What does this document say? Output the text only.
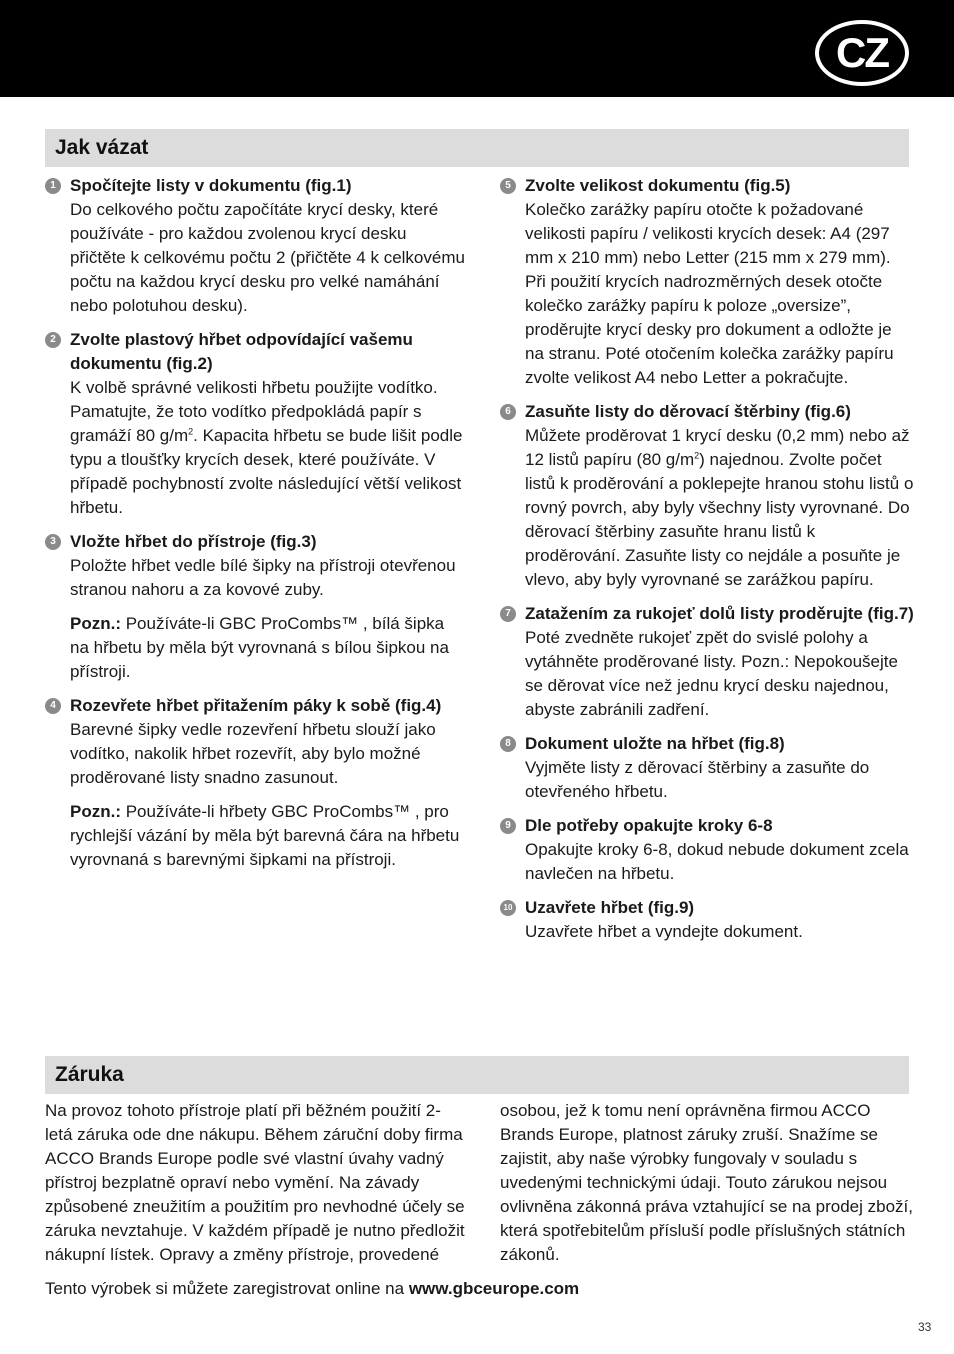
CZ
Jak vázat
1 Spočítejte listy v dokumentu (fig.1)
Do celkového počtu započítáte krycí desky, které používáte - pro každou zvolenou krycí desku přičtěte k celkovému počtu 2 (přičtěte 4 k celkovému počtu na každou krycí desku pro velké namáhání nebo polotuhou desku).
2 Zvolte plastový hřbet odpovídající vašemu dokumentu (fig.2)
K volbě správné velikosti hřbetu použijte vodítko. Pamatujte, že toto vodítko předpokládá papír s gramáží 80 $g/m^2$. Kapacita hřbetu se bude lišit podle typu a tloušťky krycích desek, které používáte. V případě pochybností zvolte následující větší velikost hřbetu.
3 Vložte hřbet do přístroje (fig.3)
Položte hřbet vedle bílé šipky na přístroji otevřenou stranou nahoru a za kovové zuby.
Pozn.: Používáte-li GBC ProCombs™ , bílá šipka na hřbetu by měla být vyrovnaná s bílou šipkou na přístroji.
4 Rozevřete hřbet přitažením páky k sobě (fig.4)
Barevné šipky vedle rozevření hřbetu slouží jako vodítko, nakolik hřbet rozevřít, aby bylo možné proděrované listy snadno zasunout.
Pozn.: Používáte-li hřbety GBC ProCombs™ , pro rychlejší vázání by měla být barevná čára na hřbetu vyrovnaná s barevnými šipkami na přístroji.
5 Zvolte velikost dokumentu (fig.5)
Kolečko zarážky papíru otočte k požadované velikosti papíru / velikosti krycích desek: A4 (297 mm x 210 mm) nebo Letter (215 mm x 279 mm). Při použití krycích nadrozměrných desek otočte kolečko zarážky papíru k poloze „oversize”, proděrujte krycí desky pro dokument a odložte je na stranu. Poté otočením kolečka zarážky papíru zvolte velikost A4 nebo Letter a pokračujte.
6 Zasuňte listy do děrovací štěrbiny (fig.6)
Můžete proděrovat 1 krycí desku (0,2 mm) nebo až 12 listů papíru (80 $g/m^2$) najednou. Zvolte počet listů k proděrování a poklepejte hranou stohu listů o rovný povrch, aby byly všechny listy vyrovnané. Do děrovací štěrbiny zasuňte hranu listů k proděrování. Zasuňte listy co nejdále a posuňte je vlevo, aby byly vyrovnané se zarážkou papíru.
7 Zatažením za rukojeť dolů listy proděrujte (fig.7)
Poté zvedněte rukojeť zpět do svislé polohy a vytáhněte proděrované listy. Pozn.: Nepokoušejte se děrovat více než jednu krycí desku najednou, abyste zabránili zadření.
8 Dokument uložte na hřbet (fig.8)
Vyjměte listy z děrovací štěrbiny a zasuňte do otevřeného hřbetu.
9 Dle potřeby opakujte kroky 6-8
Opakujte kroky 6-8, dokud nebude dokument zcela navlečen na hřbetu.
10 Uzavřete hřbet (fig.9)
Uzavřete hřbet a vyndejte dokument.
Záruka
Na provoz tohoto přístroje platí při běžném použití 2-letá záruka ode dne nákupu. Během záruční doby firma ACCO Brands Europe podle své vlastní úvahy vadný přístroj bezplatně opraví nebo vymění. Na závady způsobené zneužitím a použitím pro nevhodné účely se záruka nevztahuje. V každém případě je nutno předložit nákupní lístek. Opravy a změny přístroje, provedené
osobou, jež k tomu není oprávněna firmou ACCO Brands Europe, platnost záruky zruší. Snažíme se zajistit, aby naše výrobky fungovaly v souladu s uvedenými technickými údaji. Touto zárukou nejsou ovlivněna zákonná práva vztahující se na prodej zboží, která spotřebitelům přísluší podle příslušných státních zákonů.
Tento výrobek si můžete zaregistrovat online na www.gbceurope.com
33
